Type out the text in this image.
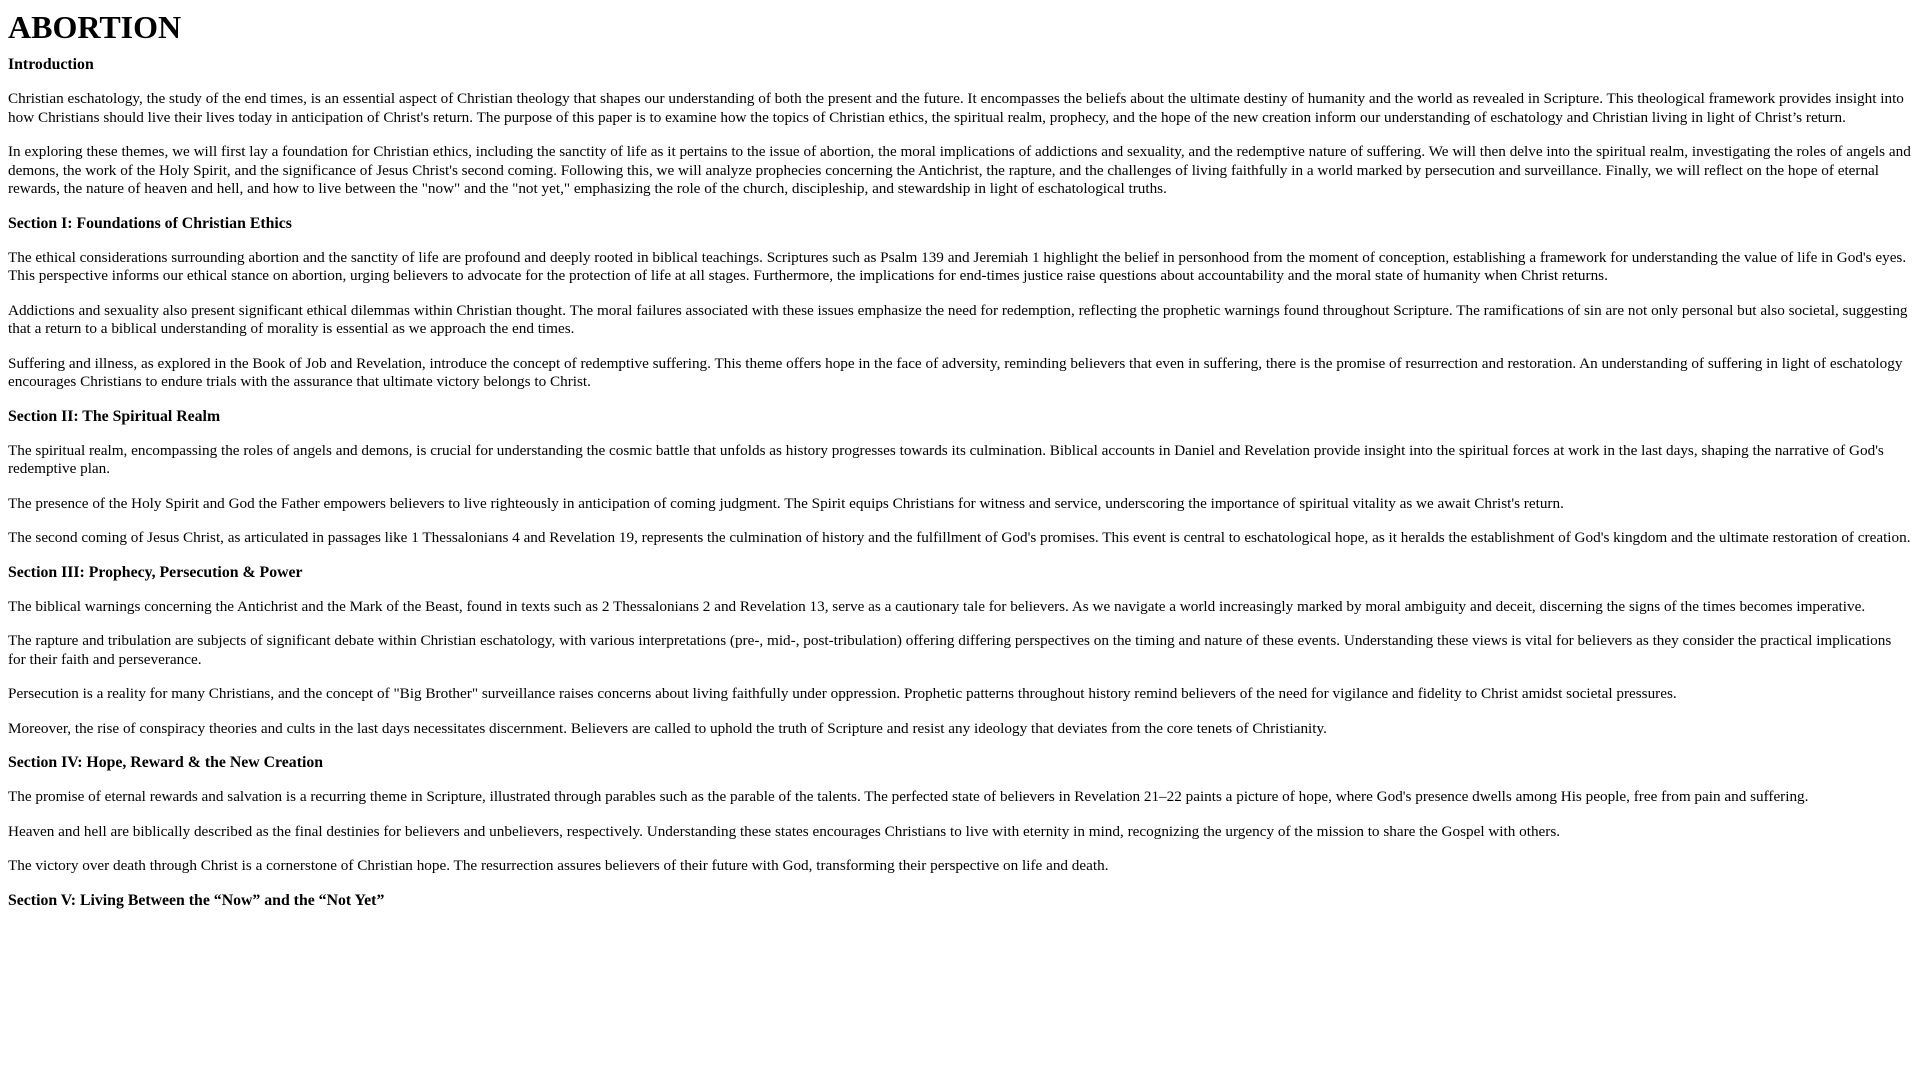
ABORTION
Introduction

Christian eschatology, the study of the end times, is an essential aspect of Christian theology that shapes our understanding of both the present and the future. It encompasses the beliefs about the ultimate destiny of humanity and the world as revealed in Scripture. This theological framework provides insight into how Christians should live their lives today in anticipation of Christ's return. The purpose of this paper is to examine how the topics of Christian ethics, the spiritual realm, prophecy, and the hope of the new creation inform our understanding of eschatology and Christian living in light of Christ’s return.

In exploring these themes, we will first lay a foundation for Christian ethics, including the sanctity of life as it pertains to the issue of abortion, the moral implications of addictions and sexuality, and the redemptive nature of suffering. We will then delve into the spiritual realm, investigating the roles of angels and demons, the work of the Holy Spirit, and the significance of Jesus Christ's second coming. Following this, we will analyze prophecies concerning the Antichrist, the rapture, and the challenges of living faithfully in a world marked by persecution and surveillance. Finally, we will reflect on the hope of eternal rewards, the nature of heaven and hell, and how to live between the "now" and the "not yet," emphasizing the role of the church, discipleship, and stewardship in light of eschatological truths.

Section I: Foundations of Christian Ethics

The ethical considerations surrounding abortion and the sanctity of life are profound and deeply rooted in biblical teachings. Scriptures such as Psalm 139 and Jeremiah 1 highlight the belief in personhood from the moment of conception, establishing a framework for understanding the value of life in God's eyes. This perspective informs our ethical stance on abortion, urging believers to advocate for the protection of life at all stages. Furthermore, the implications for end-times justice raise questions about accountability and the moral state of humanity when Christ returns.

Addictions and sexuality also present significant ethical dilemmas within Christian thought. The moral failures associated with these issues emphasize the need for redemption, reflecting the prophetic warnings found throughout Scripture. The ramifications of sin are not only personal but also societal, suggesting that a return to a biblical understanding of morality is essential as we approach the end times.

Suffering and illness, as explored in the Book of Job and Revelation, introduce the concept of redemptive suffering. This theme offers hope in the face of adversity, reminding believers that even in suffering, there is the promise of resurrection and restoration. An understanding of suffering in light of eschatology encourages Christians to endure trials with the assurance that ultimate victory belongs to Christ.

Section II: The Spiritual Realm

The spiritual realm, encompassing the roles of angels and demons, is crucial for understanding the cosmic battle that unfolds as history progresses towards its culmination. Biblical accounts in Daniel and Revelation provide insight into the spiritual forces at work in the last days, shaping the narrative of God's redemptive plan.

The presence of the Holy Spirit and God the Father empowers believers to live righteously in anticipation of coming judgment. The Spirit equips Christians for witness and service, underscoring the importance of spiritual vitality as we await Christ's return.

The second coming of Jesus Christ, as articulated in passages like 1 Thessalonians 4 and Revelation 19, represents the culmination of history and the fulfillment of God's promises. This event is central to eschatological hope, as it heralds the establishment of God's kingdom and the ultimate restoration of creation.

Section III: Prophecy, Persecution & Power

The biblical warnings concerning the Antichrist and the Mark of the Beast, found in texts such as 2 Thessalonians 2 and Revelation 13, serve as a cautionary tale for believers. As we navigate a world increasingly marked by moral ambiguity and deceit, discerning the signs of the times becomes imperative.

The rapture and tribulation are subjects of significant debate within Christian eschatology, with various interpretations (pre-, mid-, post-tribulation) offering differing perspectives on the timing and nature of these events. Understanding these views is vital for believers as they consider the practical implications for their faith and perseverance.

Persecution is a reality for many Christians, and the concept of "Big Brother" surveillance raises concerns about living faithfully under oppression. Prophetic patterns throughout history remind believers of the need for vigilance and fidelity to Christ amidst societal pressures.

Moreover, the rise of conspiracy theories and cults in the last days necessitates discernment. Believers are called to uphold the truth of Scripture and resist any ideology that deviates from the core tenets of Christianity.

Section IV: Hope, Reward & the New Creation

The promise of eternal rewards and salvation is a recurring theme in Scripture, illustrated through parables such as the parable of the talents. The perfected state of believers in Revelation 21–22 paints a picture of hope, where God's presence dwells among His people, free from pain and suffering.

Heaven and hell are biblically described as the final destinies for believers and unbelievers, respectively. Understanding these states encourages Christians to live with eternity in mind, recognizing the urgency of the mission to share the Gospel with others.

The victory over death through Christ is a cornerstone of Christian hope. The resurrection assures believers of their future with God, transforming their perspective on life and death.

Section V: Living Between the “Now” and the “Not Yet”
